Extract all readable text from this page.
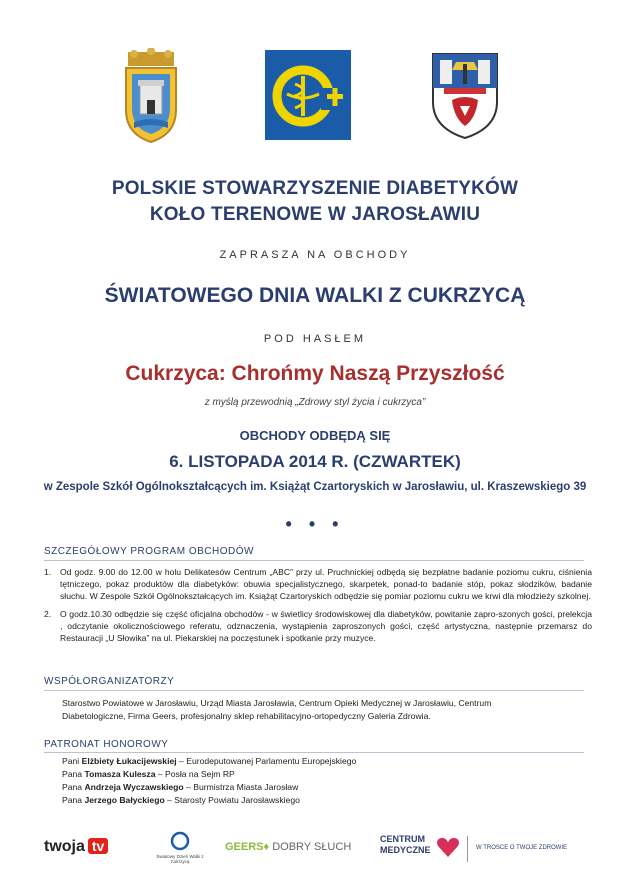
POLSKIE STOWARZYSZENIE DIABETYKÓW
KOŁO TERENOWE W JAROSŁAWIU
ZAPRASZA NA OBCHODY
ŚWIATOWEGO DNIA WALKI Z CUKRZYCĄ
POD HASŁEM
Cukrzyca: Chrońmy Naszą Przyszłość
z myślą przewodnią „Zdrowy styl życia i cukrzyca”
OBCHODY ODBĘDĄ SIĘ
6. LISTOPADA 2014 R. (CZWARTEK)
w Zespole Szkół Ogólnokształcących im. Książąt Czartoryskich w Jarosławiu, ul. Kraszewskiego 39
• • •
SZCZEGÓŁOWY PROGRAM OBCHODÓW
1. Od godz. 9.00 do 12.00 w holu Delikatesów Centrum „ABC” przy ul. Pruchnickiej odbędą się bezpłatne badanie poziomu cukru, ciśnienia tętniczego, pokaz produktów dla diabetyków: obuwia specjalistycznego, skarpetek, ponad-to badanie stóp, pokaz słodzików, badanie słuchu. W Zespole Szkół Ogólnokształcących im. Książąt Czartoryskich odbędzie się pomiar poziomu cukru we krwi dla młodzieży szkolnej.
2. O godz.10.30 odbędzie się część oficjalna obchodów - w świetlicy środowiskowej dla diabetyków, powitanie zapro-szonych gości, prelekcja , odczytanie okolicznościowego referatu, odznaczenia, wystąpienia zaproszonych gości, część artystyczna, następnie przemarsz do Restauracji „U Słowika” na ul. Piekarskiej na poczęstunek i spotkanie przy muzyce.
WSPÓŁORGANIZATORZY
Starostwo Powiatowe w Jarosławiu, Urząd Miasta Jarosławia, Centrum Opieki Medycznej w Jarosławiu, Centrum
Diabetologiczne, Firma Geers, profesjonalny sklep rehabilitacyjno-ortopedyczny Galeria Zdrowia.
PATRONAT HONOROWY
Pani Elżbiety Łukacijewskiej – Eurodeputowanej Parlamentu Europejskiego
Pana Tomasza Kulesza – Posła na Sejm RP
Pana Andrzeja Wyczawskiego – Burmistrza Miasta Jarosław
Pana Jerzego Bałyckiego – Starosty Powiatu Jarosławskiego
twoja tv
Światowy Dzień Walki z Cukrzycą
GEERS♦ DOBRY SŁUCH
CENTRUM
MEDYCZNE	W TROSCE O TWOJE ZDROWIE
